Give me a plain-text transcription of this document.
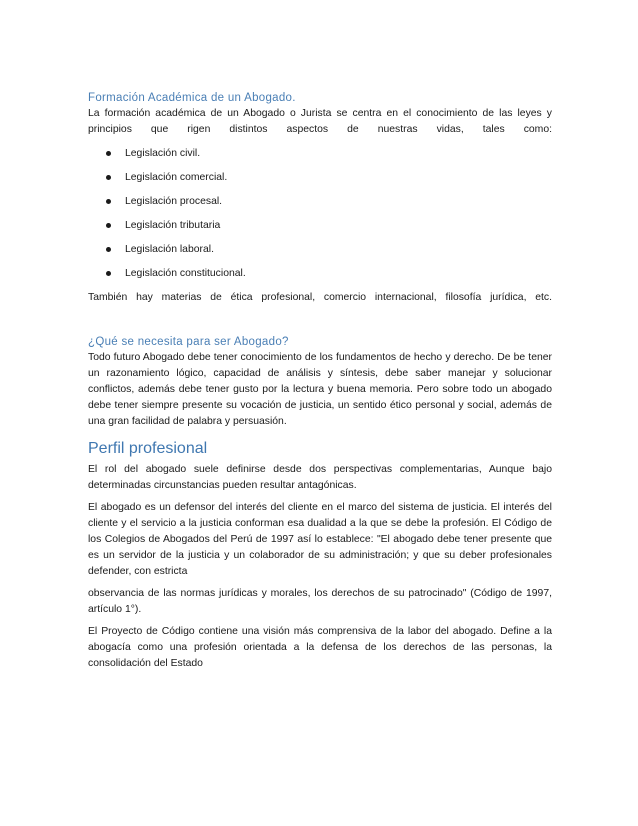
Formación Académica de un Abogado.

La formación académica de un Abogado o Jurista se centra en el conocimiento de las leyes y principios que rigen distintos aspectos de nuestras vidas, tales como:

Legislación civil.
Legislación comercial.
Legislación procesal.
Legislación tributaria
Legislación laboral.
Legislación constitucional.

También hay materias de ética profesional, comercio internacional, filosofía jurídica, etc.

¿Qué se necesita para ser Abogado?

Todo futuro Abogado debe tener conocimiento de los fundamentos de hecho y derecho. De be tener un razonamiento lógico, capacidad de análisis y síntesis, debe saber manejar y solucionar conflictos, además debe tener gusto por la lectura y buena memoria. Pero sobre todo un abogado debe tener siempre presente su vocación de justicia, un sentido ético personal y social, además de una gran facilidad de palabra y persuasión.

Perfil profesional

El rol del abogado suele definirse desde dos perspectivas complementarias, Aunque bajo determinadas circunstancias pueden resultar antagónicas.

El abogado es un defensor del interés del cliente en el marco del sistema de justicia. El interés del cliente y el servicio a la justicia conforman esa dualidad a la que se debe la profesión. El Código de los Colegios de Abogados del Perú de 1997 así lo establece: "El abogado debe tener presente que es un servidor de la justicia y un colaborador de su administración; y que su deber profesionales defender, con estricta

observancia de las normas jurídicas y morales, los derechos de su patrocinado" (Código de 1997, artículo 1°).

El Proyecto de Código contiene una visión más comprensiva de la labor del abogado. Define a la abogacía como una profesión orientada a la defensa de los derechos de las personas, la consolidación del Estado
